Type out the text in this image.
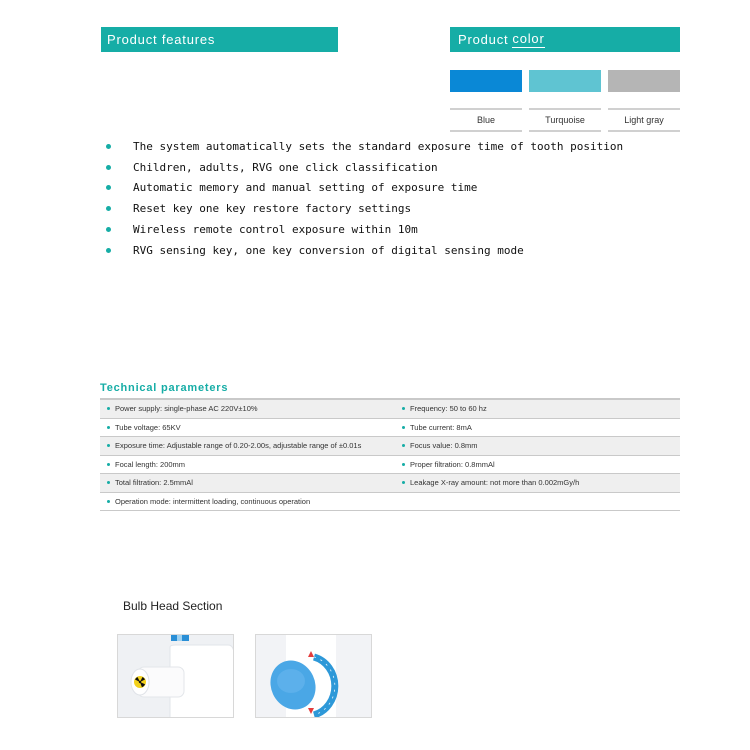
Product features	Product color
Blue	Turquoise	Light gray
The system automatically sets the standard exposure time of tooth position
Children, adults, RVG one click classification
Automatic memory and manual setting of exposure time
Reset key one key restore factory settings
Wireless remote control exposure within 10m
RVG sensing key, one key conversion of digital sensing mode
Technical parameters
Power supply: single-phase AC 220V±10%	Frequency: 50 to 60 hz
Tube voltage: 65KV	Tube current: 8mA
Exposure time: Adjustable range of 0.20-2.00s, adjustable range of ±0.01s	Focus value: 0.8mm
Focal length: 200mm	Proper filtration: 0.8mmAl
Total filtration: 2.5mmAl	Leakage X-ray amount: not more than 0.002mGy/h
Operation mode: intermittent loading, continuous operation
Bulb Head Section
